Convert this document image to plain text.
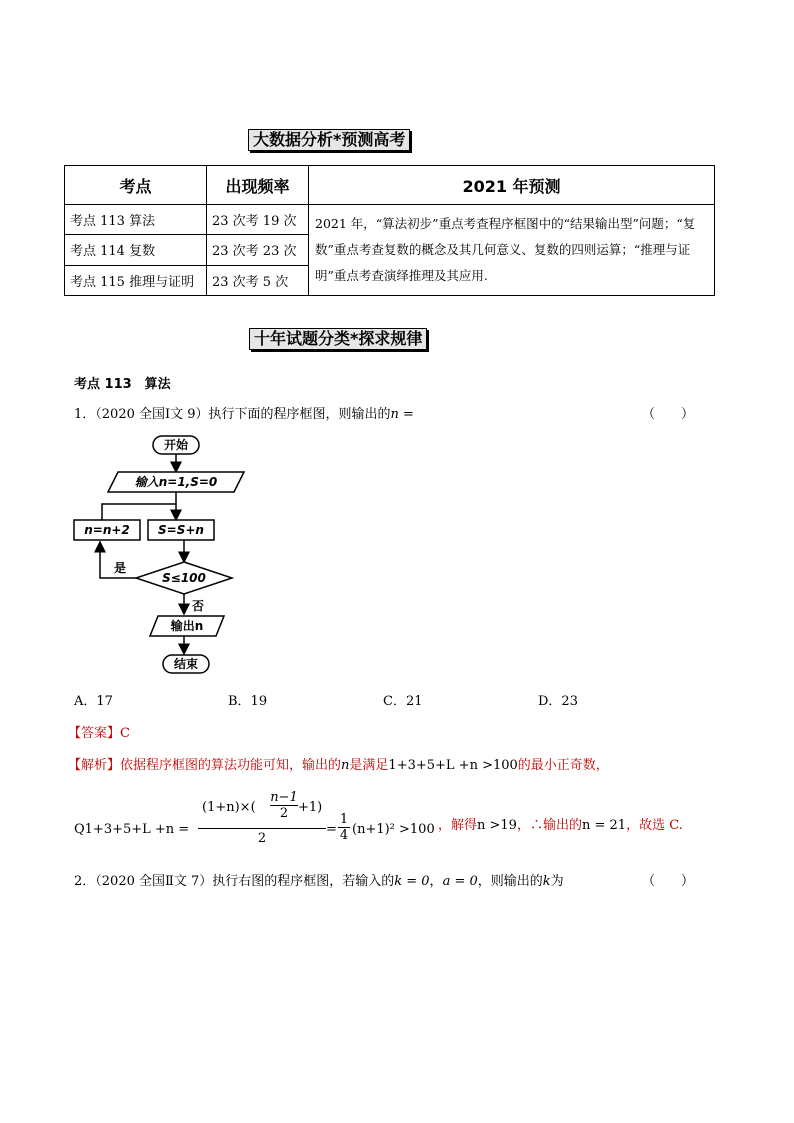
大数据分析*预测高考
考点	出现频率	2021 年预测
考点 113 算法	23 次考 19 次	2021 年，“算法初步”重点考查程序框图中的“结果输出型”问题；“复数”重点考查复数的概念及其几何意义、复数的四则运算；“推理与证明”重点考查演绎推理及其应用.
考点 114 复数	23 次考 23 次	
考点 115 推理与证明	23 次考 5 次	
十年试题分类*探求规律
考点 113　算法
1．（2020 全国Ⅰ文 9）执行下面的程序框图，则输出的n =	（　　）
开始
输入n=1,S=0
n=n+2 S=S+n
S≤100
是
否
输出n
结束
A．17	B．19	C．21	D．23
【答案】C
【解析】依据程序框图的算法功能可知，输出的n是满足1+3+5+L +n >100的最小正奇数，
Q1+3+5+L +n =
$(1+n)\times( \frac{n-1}{2} +1)$
2
= $\frac{1}{4} (n+1)^2 >100$ ，解得n >19，∴输出的n = 21，故选 C.
2．（2020 全国Ⅱ文 7）执行右图的程序框图，若输入的k = 0，a = 0，则输出的k为	（　　）
